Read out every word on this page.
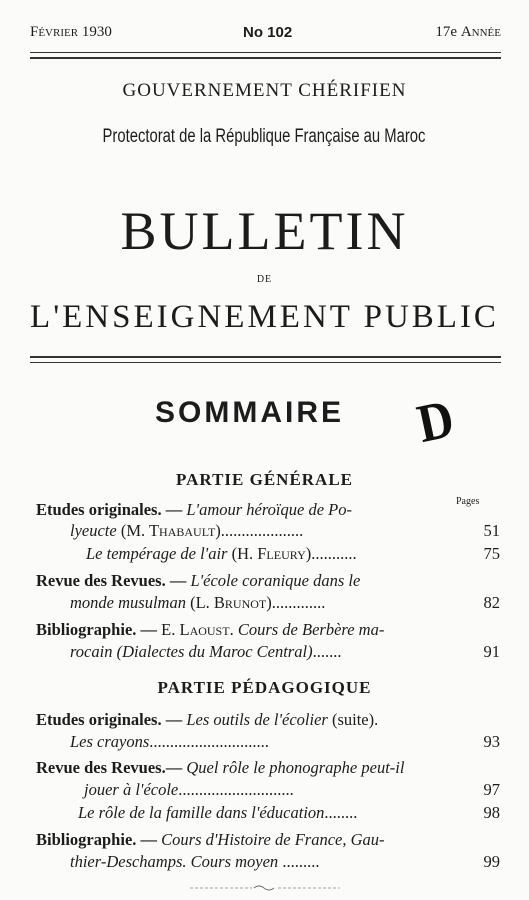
Février 1930	No 102	17e Année
GOUVERNEMENT CHÉRIFIEN
Protectorat de la République Française au Maroc
BULLETIN
DE
L'ENSEIGNEMENT PUBLIC
SOMMAIRE	D
PARTIE GÉNÉRALE
Pages
Etudes originales. — L'amour héroïque de Po-
lyeucte (M. Thabault)....................	51
Le tempérage de l'air (H. Fleury)...........	75
Revue des Revues. — L'école coranique dans le
monde musulman (L. Brunot).............	82
Bibliographie. — E. Laoust. Cours de Berbère ma-
rocain (Dialectes du Maroc Central).......	91
PARTIE PÉDAGOGIQUE
Etudes originales. — Les outils de l'écolier (suite).
Les crayons.............................	93
Revue des Revues.— Quel rôle le phonographe peut-il
jouer à l'école............................	97
Le rôle de la famille dans l'éducation........	98
Bibliographie. — Cours d'Histoire de France, Gau-
thier-Deschamps. Cours moyen .........	99
